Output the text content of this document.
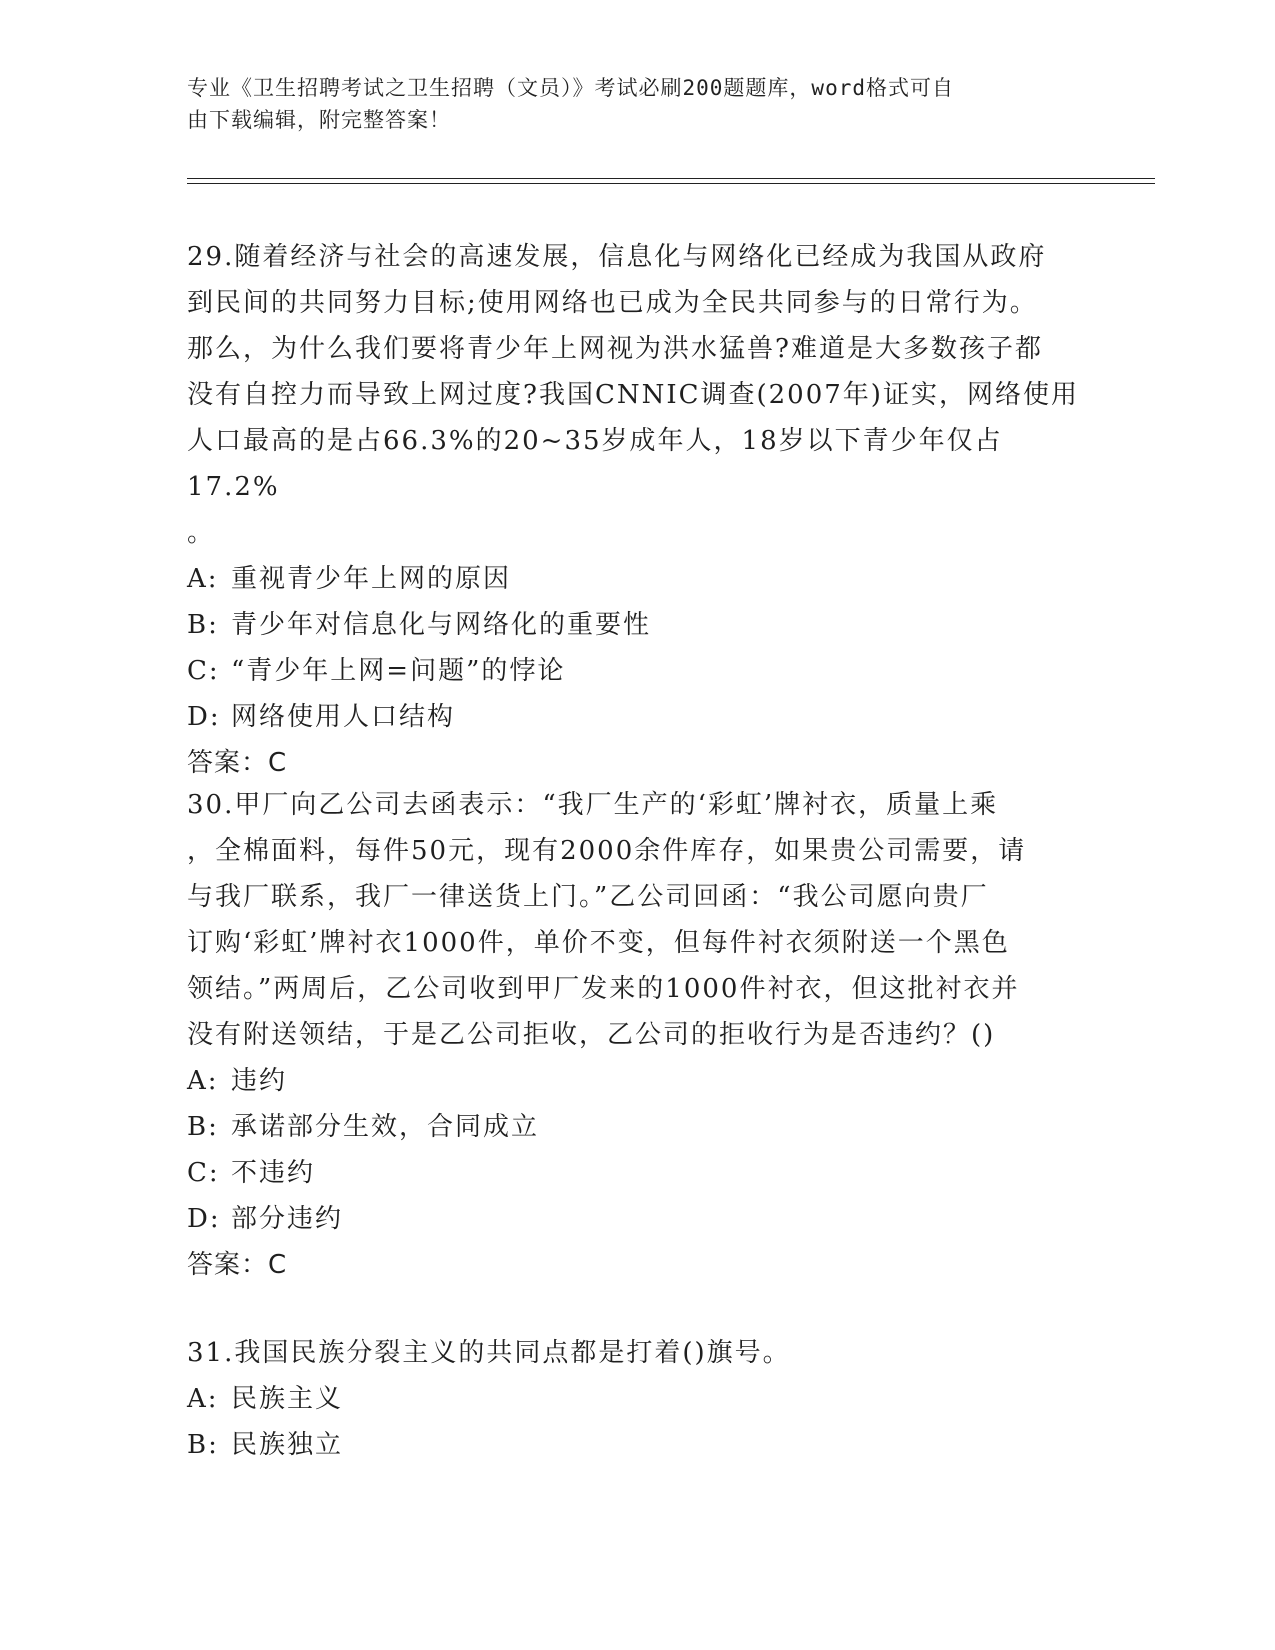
专业《卫生招聘考试之卫生招聘（文员）》考试必刷200题题库，word格式可自
由下载编辑，附完整答案！

29.随着经济与社会的高速发展，信息化与网络化已经成为我国从政府

到民间的共同努力目标;使用网络也已成为全民共同参与的日常行为。

那么，为什么我们要将青少年上网视为洪水猛兽?难道是大多数孩子都

没有自控力而导致上网过度?我国CNNIC调查(2007年)证实，网络使用

人口最高的是占66.3%的20~35岁成年人，18岁以下青少年仅占17.2%

。

A: 重视青少年上网的原因

B: 青少年对信息化与网络化的重要性

C: “青少年上网=问题”的悖论

D: 网络使用人口结构

答案：C

30.甲厂向乙公司去函表示：“我厂生产的‘彩虹’牌衬衣，质量上乘

，全棉面料，每件50元，现有2000余件库存，如果贵公司需要，请

与我厂联系，我厂一律送货上门。”乙公司回函：“我公司愿向贵厂

订购‘彩虹’牌衬衣1000件，单价不变，但每件衬衣须附送一个黑色

领结。”两周后，乙公司收到甲厂发来的1000件衬衣，但这批衬衣并

没有附送领结，于是乙公司拒收，乙公司的拒收行为是否违约？()

A: 违约

B: 承诺部分生效，合同成立

C: 不违约

D: 部分违约

答案：C

31.我国民族分裂主义的共同点都是打着()旗号。

A: 民族主义

B: 民族独立
